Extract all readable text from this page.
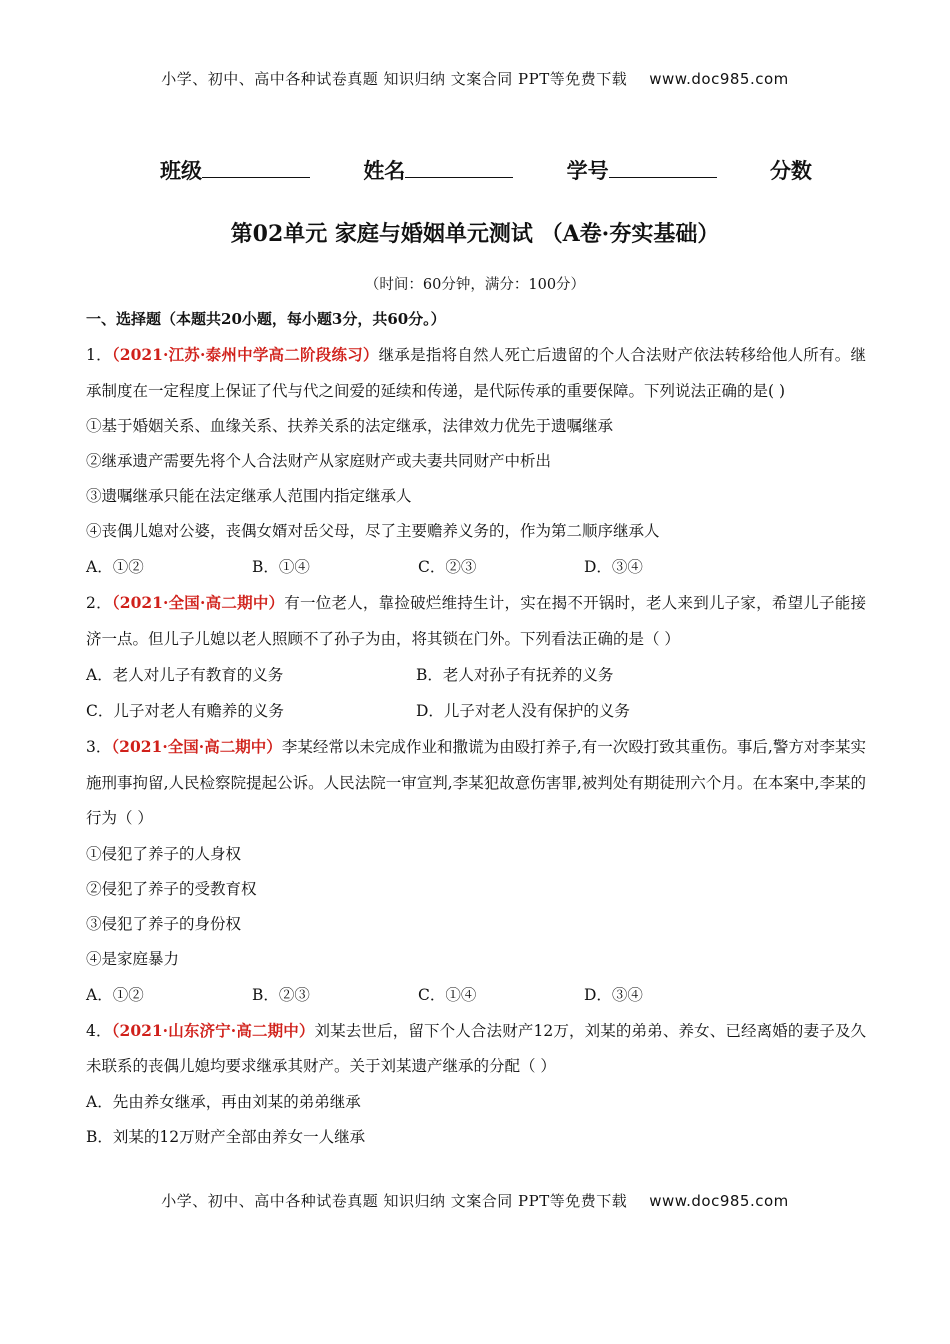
小学、初中、高中各种试卷真题 知识归纳 文案合同 PPT等免费下载 www.doc985.com
班级	姓名	学号	分数
第02单元 家庭与婚姻单元测试 （A卷·夯实基础）
（时间：60分钟，满分：100分）
一、选择题（本题共20小题，每小题3分，共60分。）
1．（2021·江苏·泰州中学高二阶段练习）继承是指将自然人死亡后遗留的个人合法财产依法转移给他人所有。继承制度在一定程度上保证了代与代之间爱的延续和传递，是代际传承的重要保障。下列说法正确的是( )
①基于婚姻关系、血缘关系、扶养关系的法定继承，法律效力优先于遗嘱继承
②继承遗产需要先将个人合法财产从家庭财产或夫妻共同财产中析出
③遗嘱继承只能在法定继承人范围内指定继承人
④丧偶儿媳对公婆，丧偶女婿对岳父母，尽了主要赡养义务的，作为第二顺序继承人
A．①②	B．①④	C．②③	D．③④
2．（2021·全国·高二期中）有一位老人，靠捡破烂维持生计，实在揭不开锅时，老人来到儿子家，希望儿子能接济一点。但儿子儿媳以老人照顾不了孙子为由，将其锁在门外。下列看法正确的是（ ）
A．老人对儿子有教育的义务	B．老人对孙子有抚养的义务
C．儿子对老人有赡养的义务	D．儿子对老人没有保护的义务
3．（2021·全国·高二期中）李某经常以未完成作业和撒谎为由殴打养子,有一次殴打致其重伤。事后,警方对李某实施刑事拘留,人民检察院提起公诉。人民法院一审宣判,李某犯故意伤害罪,被判处有期徒刑六个月。在本案中,李某的行为（ ）
①侵犯了养子的人身权
②侵犯了养子的受教育权
③侵犯了养子的身份权
④是家庭暴力
A．①②	B．②③	C．①④	D．③④
4．（2021·山东济宁·高二期中）刘某去世后，留下个人合法财产12万，刘某的弟弟、养女、已经离婚的妻子及久未联系的丧偶儿媳均要求继承其财产。关于刘某遗产继承的分配（ ）
A．先由养女继承，再由刘某的弟弟继承
B．刘某的12万财产全部由养女一人继承
小学、初中、高中各种试卷真题 知识归纳 文案合同 PPT等免费下载 www.doc985.com
